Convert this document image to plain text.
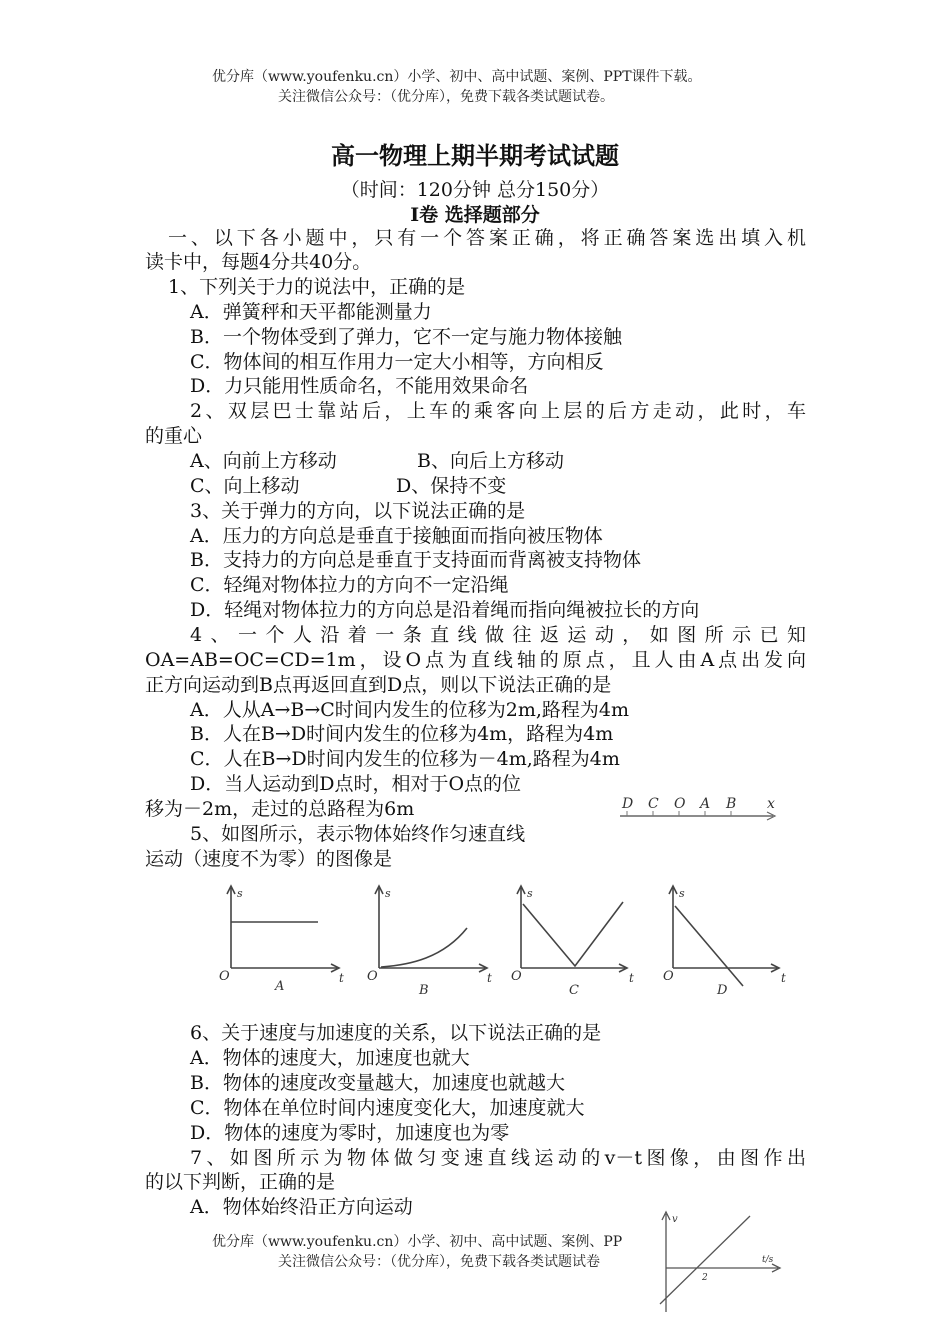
优分库（www.youfenku.cn）小学、初中、高中试题、案例、PPT课件下载。
关注微信公众号：（优分库），免费下载各类试题试卷。
高一物理上期半期考试试题
（时间：120分钟 总分150分）
I卷 选择题部分
一、以下各小题中，只有一个答案正确，将正确答案选出填入机
读卡中，每题4分共40分。
1、下列关于力的说法中，正确的是
A．弹簧秤和天平都能测量力
B．一个物体受到了弹力，它不一定与施力物体接触
C．物体间的相互作用力一定大小相等，方向相反
D．力只能用性质命名，不能用效果命名
2、双层巴士靠站后，上车的乘客向上层的后方走动，此时，车
的重心
A、向前上方移动	B、向后上方移动
C、向上移动	D、保持不变
3、关于弹力的方向，以下说法正确的是
A．压力的方向总是垂直于接触面而指向被压物体
B．支持力的方向总是垂直于支持面而背离被支持物体
C．轻绳对物体拉力的方向不一定沿绳
D．轻绳对物体拉力的方向总是沿着绳而指向绳被拉长的方向
4、一个人沿着一条直线做往返运动，如图所示已知
OA=AB=OC=CD=1m，设O点为直线轴的原点，且人由A点出发向
正方向运动到B点再返回直到D点，则以下说法正确的是
A．人从A→B→C时间内发生的位移为2m,路程为4m
B．人在B→D时间内发生的位移为4m，路程为4m
C．人在B→D时间内发生的位移为－4m,路程为4m
D．当人运动到D点时，相对于O点的位
移为－2m，走过的总路程为6m	D C O A B x
5、如图所示，表示物体始终作匀速直线
运动（速度不为零）的图像是
s
O	t
A
s
O	t
B
s
O	t
C
s
O	t
D
6、关于速度与加速度的关系，以下说法正确的是
A．物体的速度大，加速度也就大
B．物体的速度改变量越大，加速度也就越大
C．物体在单位时间内速度变化大，加速度就大
D．物体的速度为零时，加速度也为零
7、如图所示为物体做匀变速直线运动的v－t图像，由图作出
的以下判断，正确的是
A．物体始终沿正方向运动
v
t/s
2
优分库（www.youfenku.cn）小学、初中、高中试题、案例、PP
关注微信公众号：（优分库），免费下载各类试题试卷
